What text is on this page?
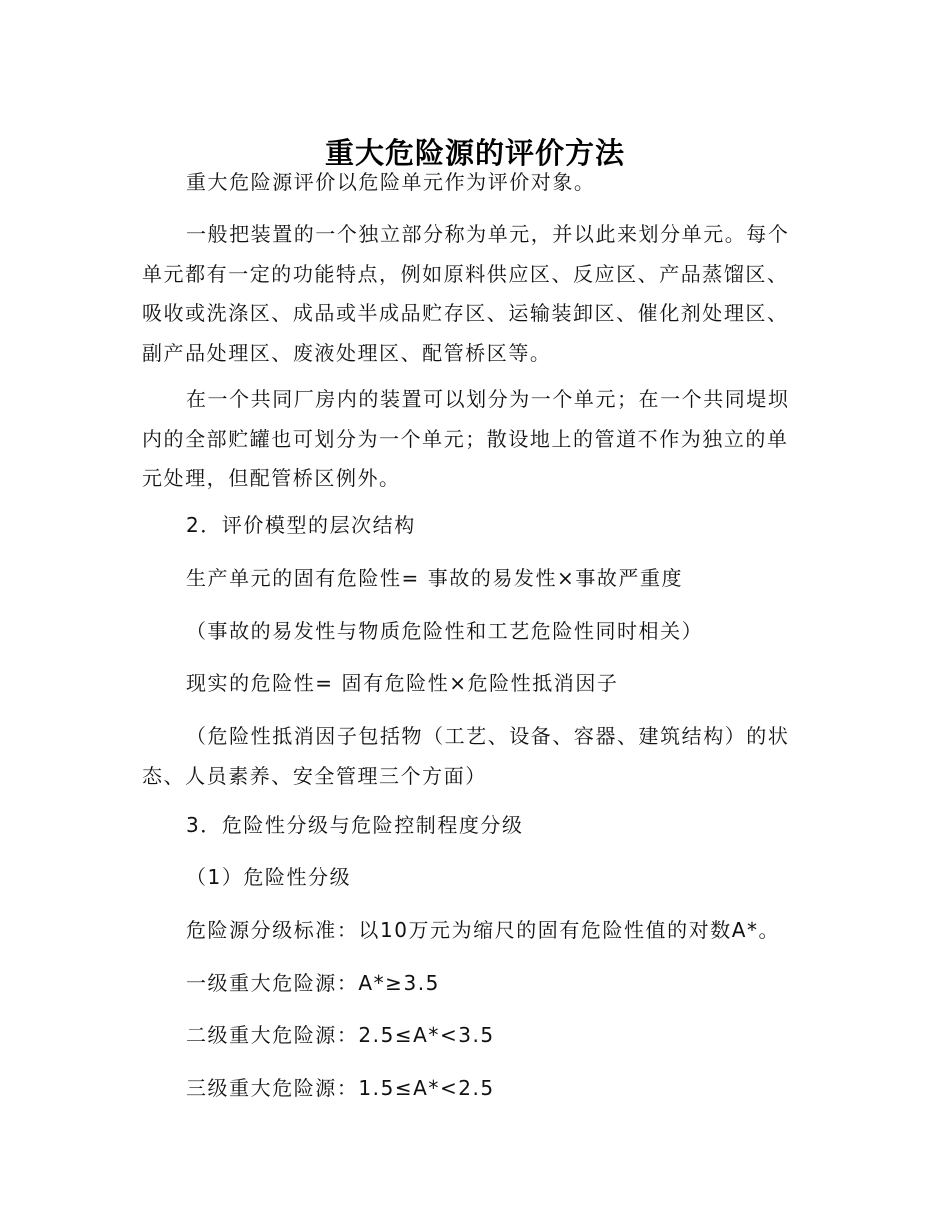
重大危险源的评价方法

重大危险源评价以危险单元作为评价对象。

一般把装置的一个独立部分称为单元，并以此来划分单元。每个单元都有一定的功能特点，例如原料供应区、反应区、产品蒸馏区、吸收或洗涤区、成品或半成品贮存区、运输装卸区、催化剂处理区、副产品处理区、废液处理区、配管桥区等。

在一个共同厂房内的装置可以划分为一个单元；在一个共同堤坝内的全部贮罐也可划分为一个单元；散设地上的管道不作为独立的单元处理，但配管桥区例外。

2．评价模型的层次结构

生产单元的固有危险性= 事故的易发性×事故严重度

（事故的易发性与物质危险性和工艺危险性同时相关）

现实的危险性= 固有危险性×危险性抵消因子

（危险性抵消因子包括物（工艺、设备、容器、建筑结构）的状态、人员素养、安全管理三个方面）

3．危险性分级与危险控制程度分级

（1）危险性分级

危险源分级标准：以10万元为缩尺的固有危险性值的对数A*。

一级重大危险源：A*≥3.5

二级重大危险源：2.5≤A*<3.5

三级重大危险源：1.5≤A*<2.5
